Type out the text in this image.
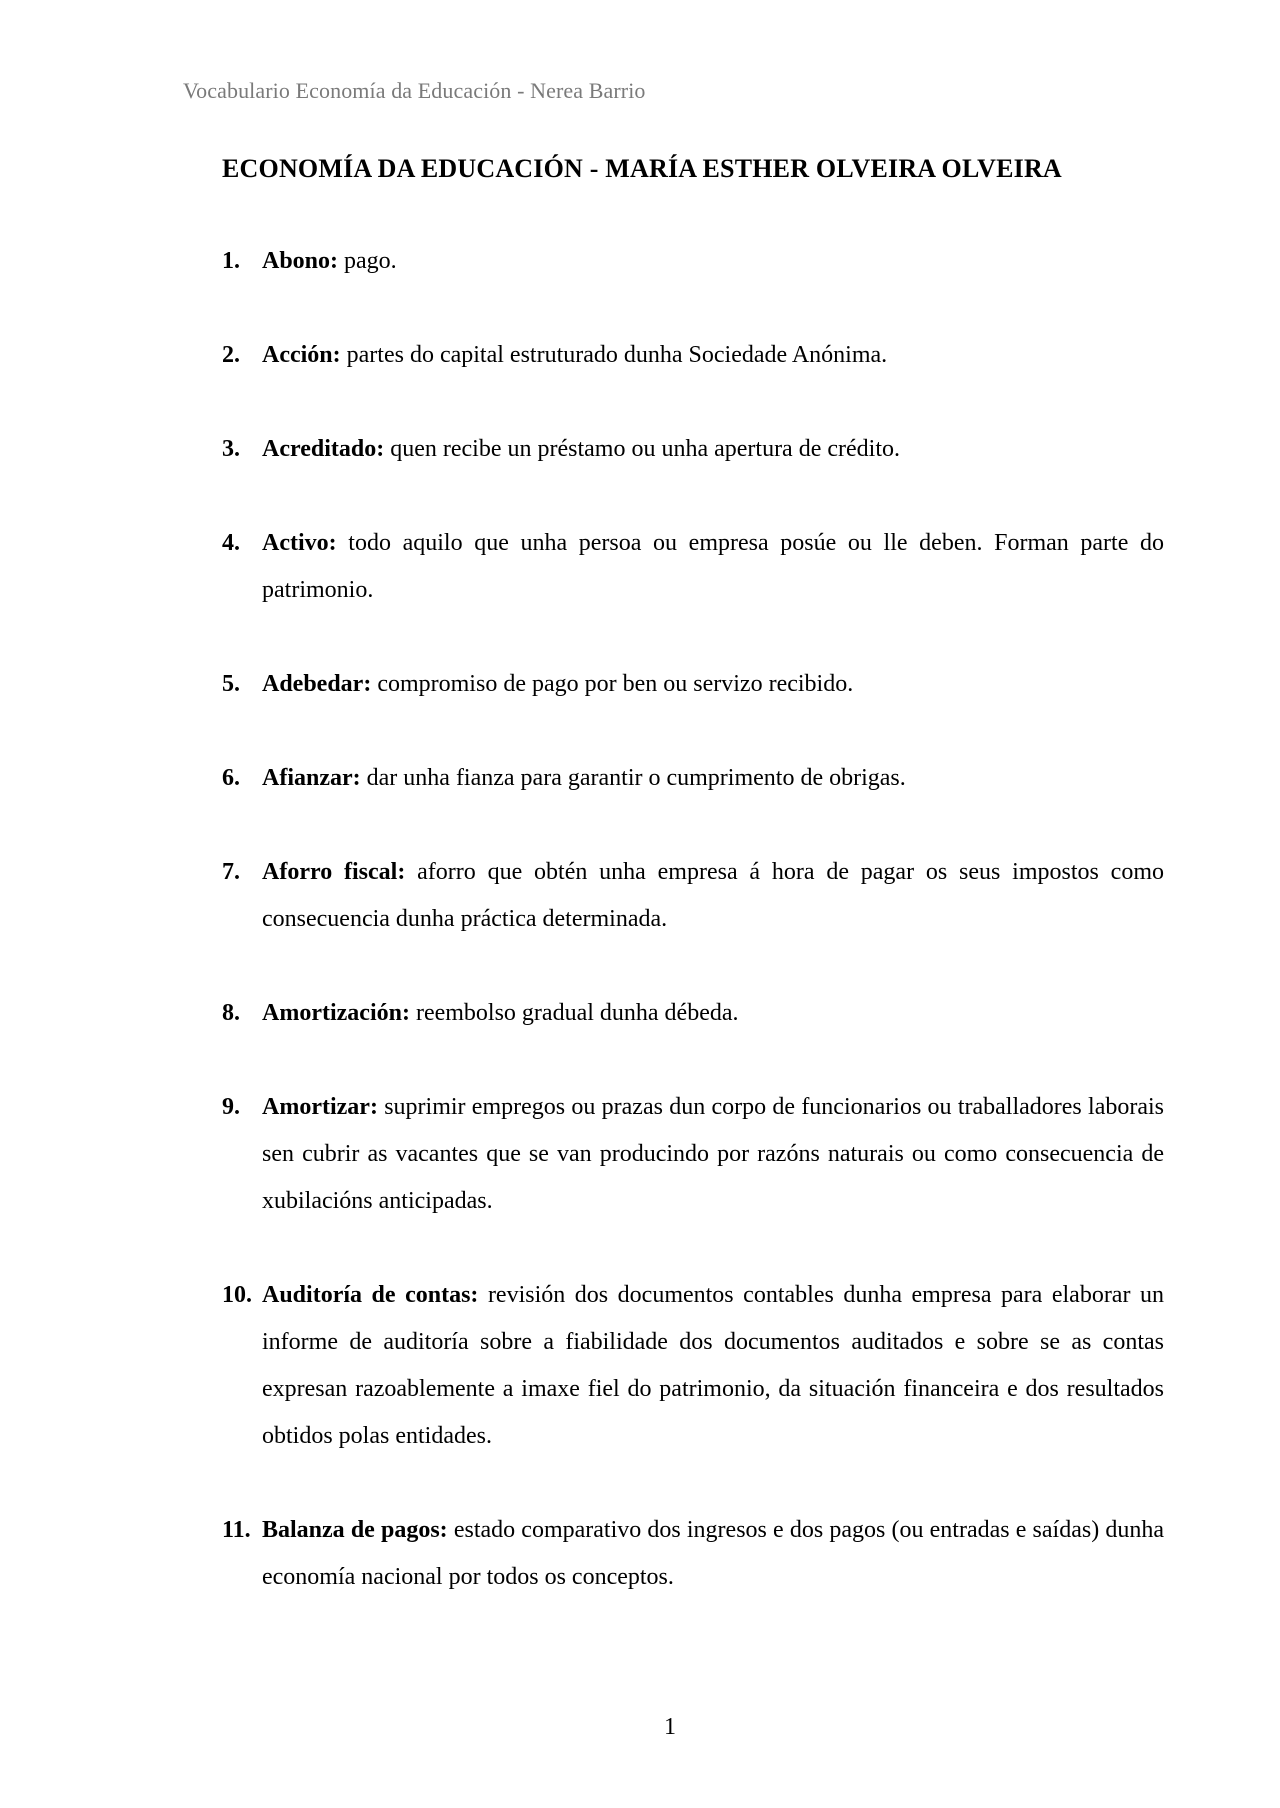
Vocabulario Economía da Educación - Nerea Barrio
ECONOMÍA DA EDUCACIÓN - MARÍA ESTHER OLVEIRA OLVEIRA
1. Abono: pago.
2. Acción: partes do capital estruturado dunha Sociedade Anónima.
3. Acreditado: quen recibe un préstamo ou unha apertura de crédito.
4. Activo: todo aquilo que unha persoa ou empresa posúe ou lle deben. Forman parte do patrimonio.
5. Adebedar: compromiso de pago por ben ou servizo recibido.
6. Afianzar: dar unha fianza para garantir o cumprimento de obrigas.
7. Aforro fiscal: aforro que obtén unha empresa á hora de pagar os seus impostos como consecuencia dunha práctica determinada.
8. Amortización: reembolso gradual dunha débeda.
9. Amortizar: suprimir empregos ou prazas dun corpo de funcionarios ou traballadores laborais sen cubrir as vacantes que se van producindo por razóns naturais ou como consecuencia de xubilacións anticipadas.
10. Auditoría de contas: revisión dos documentos contables dunha empresa para elaborar un informe de auditoría sobre a fiabilidade dos documentos auditados e sobre se as contas expresan razoablemente a imaxe fiel do patrimonio, da situación financeira e dos resultados obtidos polas entidades.
11. Balanza de pagos: estado comparativo dos ingresos e dos pagos (ou entradas e saídas) dunha economía nacional por todos os conceptos.
1
